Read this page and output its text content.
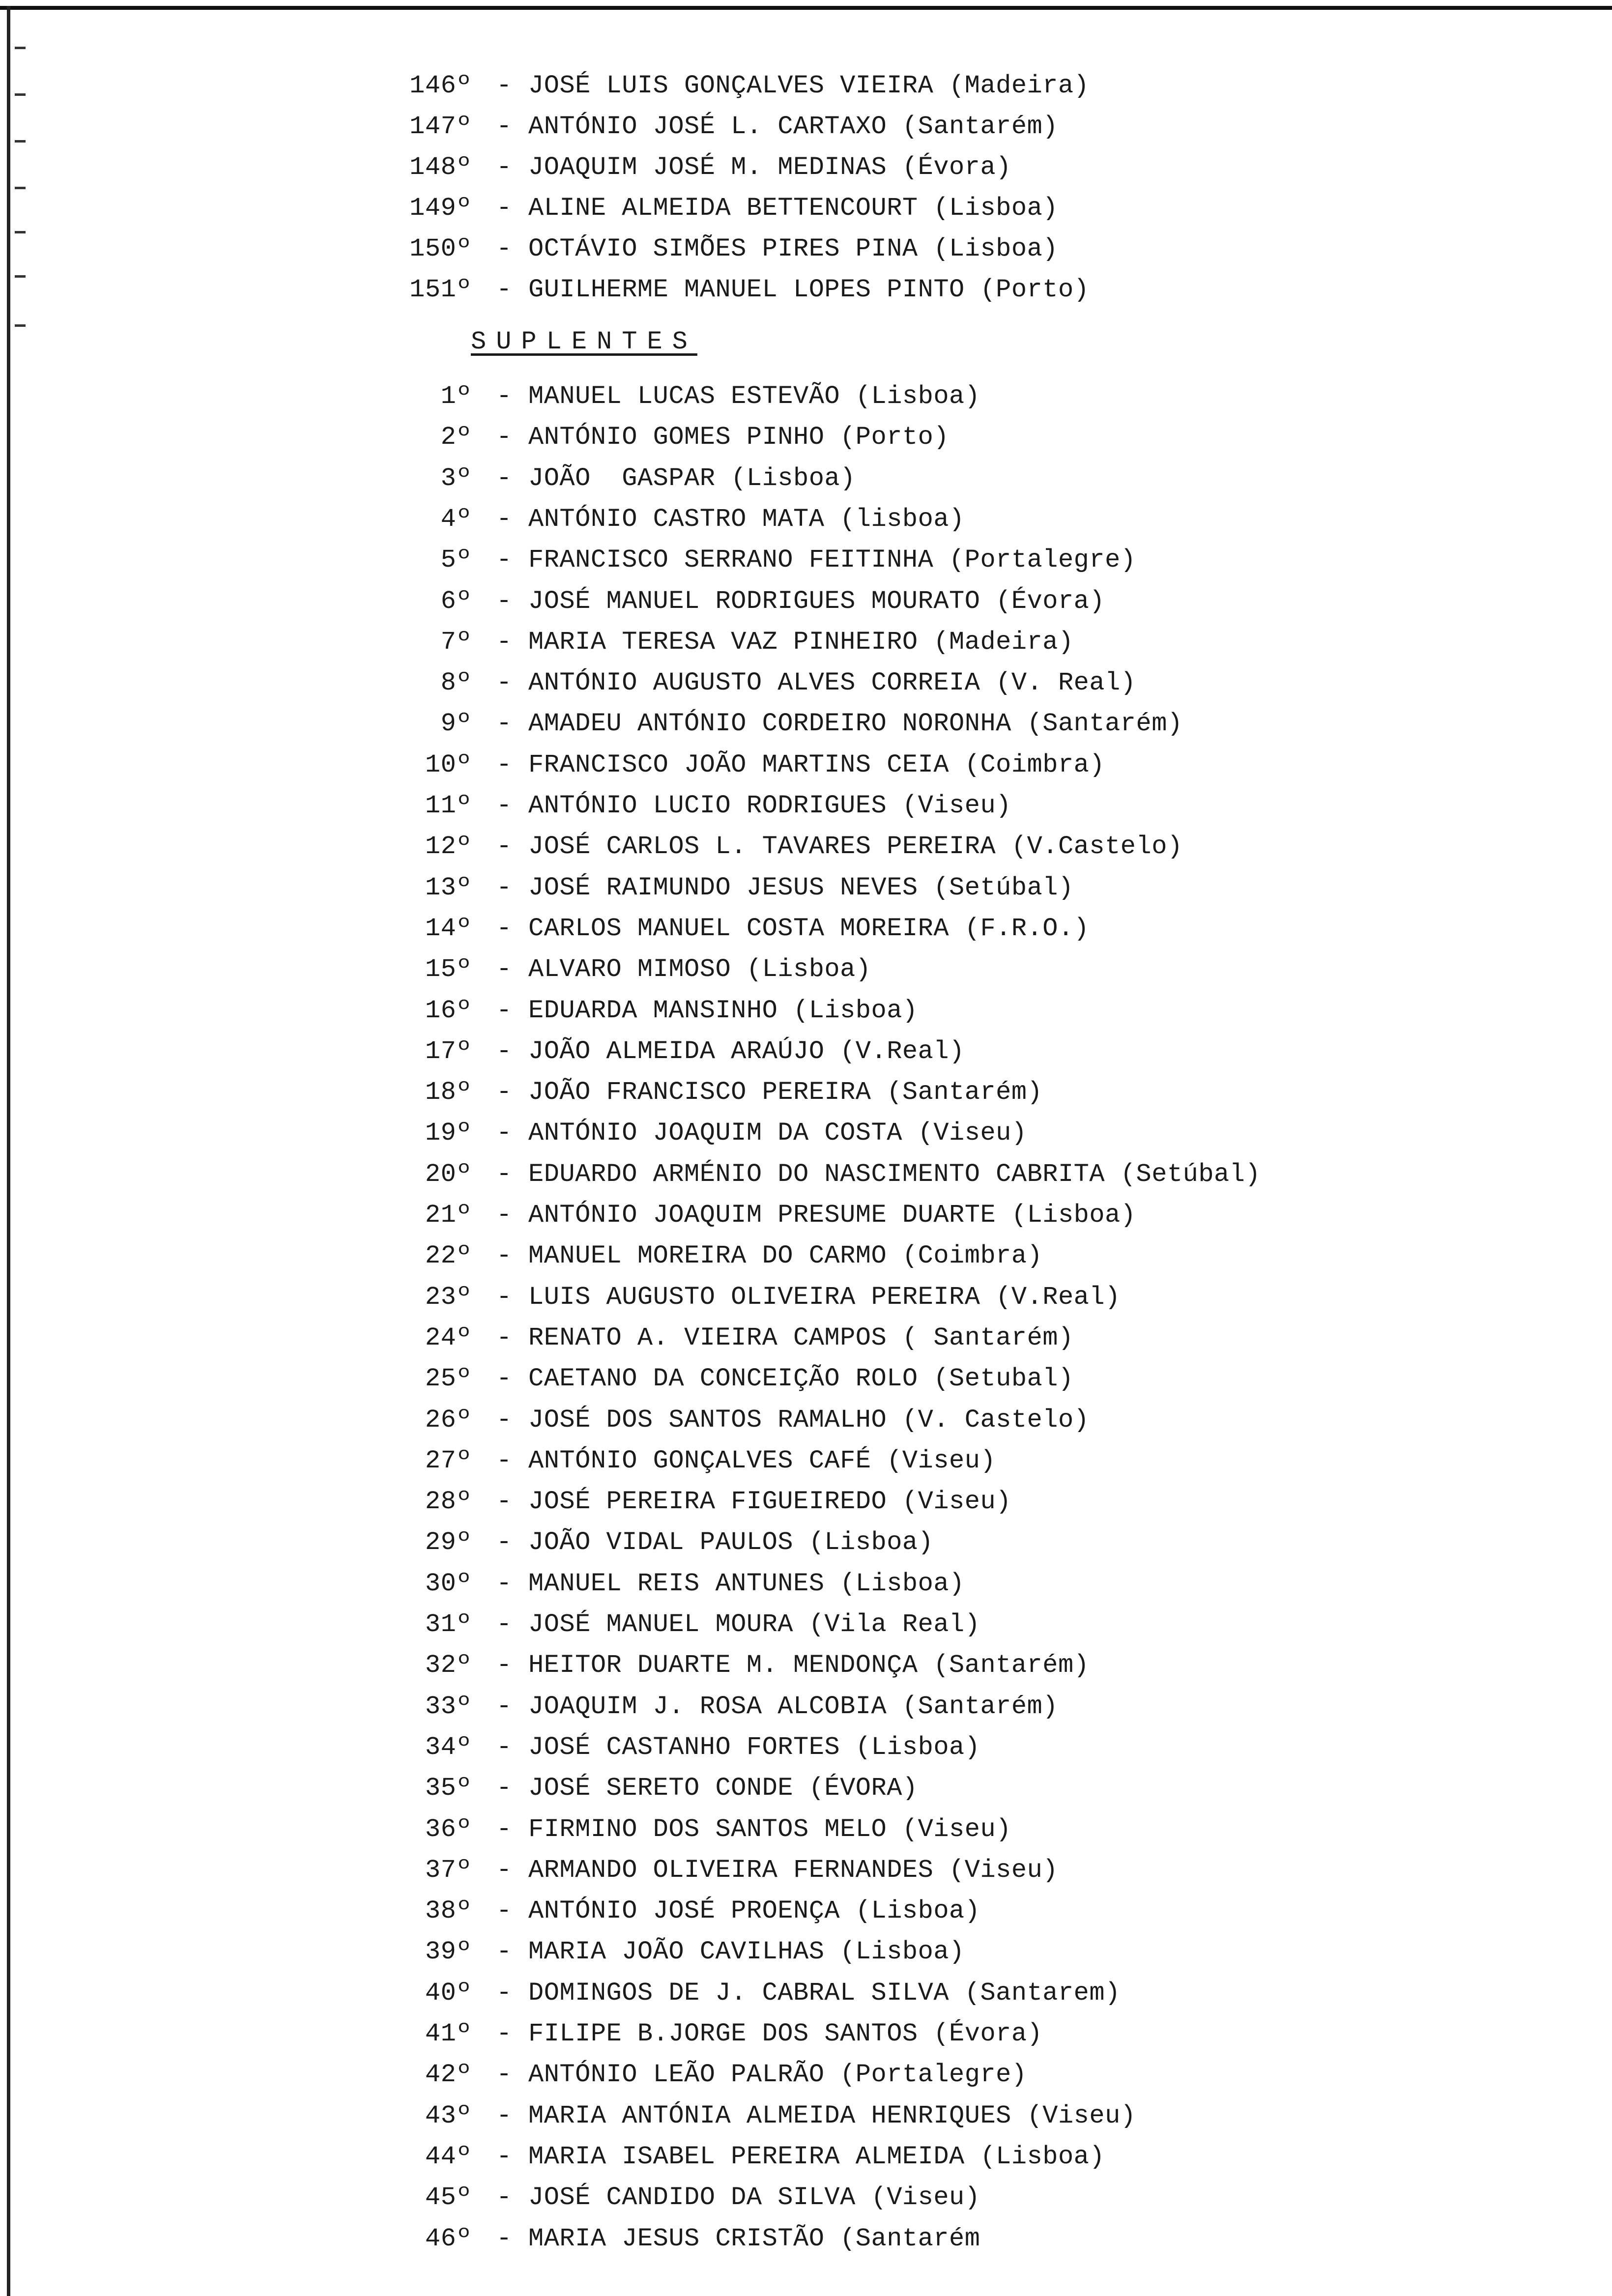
146º - JOSÉ LUIS GONÇALVES VIEIRA (Madeira)
147º - ANTÓNIO JOSÉ L. CARTAXO (Santarém)
148º - JOAQUIM JOSÉ M. MEDINAS (Évora)
149º - ALINE ALMEIDA BETTENCOURT (Lisboa)
150º - OCTÁVIO SIMÕES PIRES PINA (Lisboa)
151º - GUILHERME MANUEL LOPES PINTO (Porto)
1º - MANUEL LUCAS ESTEVÃO (Lisboa)
2º - ANTÓNIO GOMES PINHO (Porto)
3º - JOÃO  GASPAR (Lisboa)
4º - ANTÓNIO CASTRO MATA (lisboa)
5º - FRANCISCO SERRANO FEITINHA (Portalegre)
6º - JOSÉ MANUEL RODRIGUES MOURATO (Évora)
7º - MARIA TERESA VAZ PINHEIRO (Madeira)
8º - ANTÓNIO AUGUSTO ALVES CORREIA (V. Real)
9º - AMADEU ANTÓNIO CORDEIRO NORONHA (Santarém)
10º - FRANCISCO JOÃO MARTINS CEIA (Coimbra)
11º - ANTÓNIO LUCIO RODRIGUES (Viseu)
12º - JOSÉ CARLOS L. TAVARES PEREIRA (V.Castelo)
13º - JOSÉ RAIMUNDO JESUS NEVES (Setúbal)
14º - CARLOS MANUEL COSTA MOREIRA (F.R.O.)
15º - ALVARO MIMOSO (Lisboa)
16º - EDUARDA MANSINHO (Lisboa)
17º - JOÃO ALMEIDA ARAÚJO (V.Real)
18º - JOÃO FRANCISCO PEREIRA (Santarém)
19º - ANTÓNIO JOAQUIM DA COSTA (Viseu)
20º - EDUARDO ARMÉNIO DO NASCIMENTO CABRITA (Setúbal)
21º - ANTÓNIO JOAQUIM PRESUME DUARTE (Lisboa)
22º - MANUEL MOREIRA DO CARMO (Coimbra)
23º - LUIS AUGUSTO OLIVEIRA PEREIRA (V.Real)
24º - RENATO A. VIEIRA CAMPOS ( Santarém)
25º - CAETANO DA CONCEIÇÃO ROLO (Setubal)
26º - JOSÉ DOS SANTOS RAMALHO (V. Castelo)
27º - ANTÓNIO GONÇALVES CAFÉ (Viseu)
28º - JOSÉ PEREIRA FIGUEIREDO (Viseu)
29º - JOÃO VIDAL PAULOS (Lisboa)
30º - MANUEL REIS ANTUNES (Lisboa)
31º - JOSÉ MANUEL MOURA (Vila Real)
32º - HEITOR DUARTE M. MENDONÇA (Santarém)
33º - JOAQUIM J. ROSA ALCOBIA (Santarém)
34º - JOSÉ CASTANHO FORTES (Lisboa)
35º - JOSÉ SERETO CONDE (ÉVORA)
36º - FIRMINO DOS SANTOS MELO (Viseu)
37º - ARMANDO OLIVEIRA FERNANDES (Viseu)
38º - ANTÓNIO JOSÉ PROENÇA (Lisboa)
39º - MARIA JOÃO CAVILHAS (Lisboa)
40º - DOMINGOS DE J. CABRAL SILVA (Santarem)
41º - FILIPE B.JORGE DOS SANTOS (Évora)
42º - ANTÓNIO LEÃO PALRÃO (Portalegre)
43º - MARIA ANTÓNIA ALMEIDA HENRIQUES (Viseu)
44º - MARIA ISABEL PEREIRA ALMEIDA (Lisboa)
45º - JOSÉ CANDIDO DA SILVA (Viseu)
46º - MARIA JESUS CRISTÃO (Santarém
SUPLENTES
